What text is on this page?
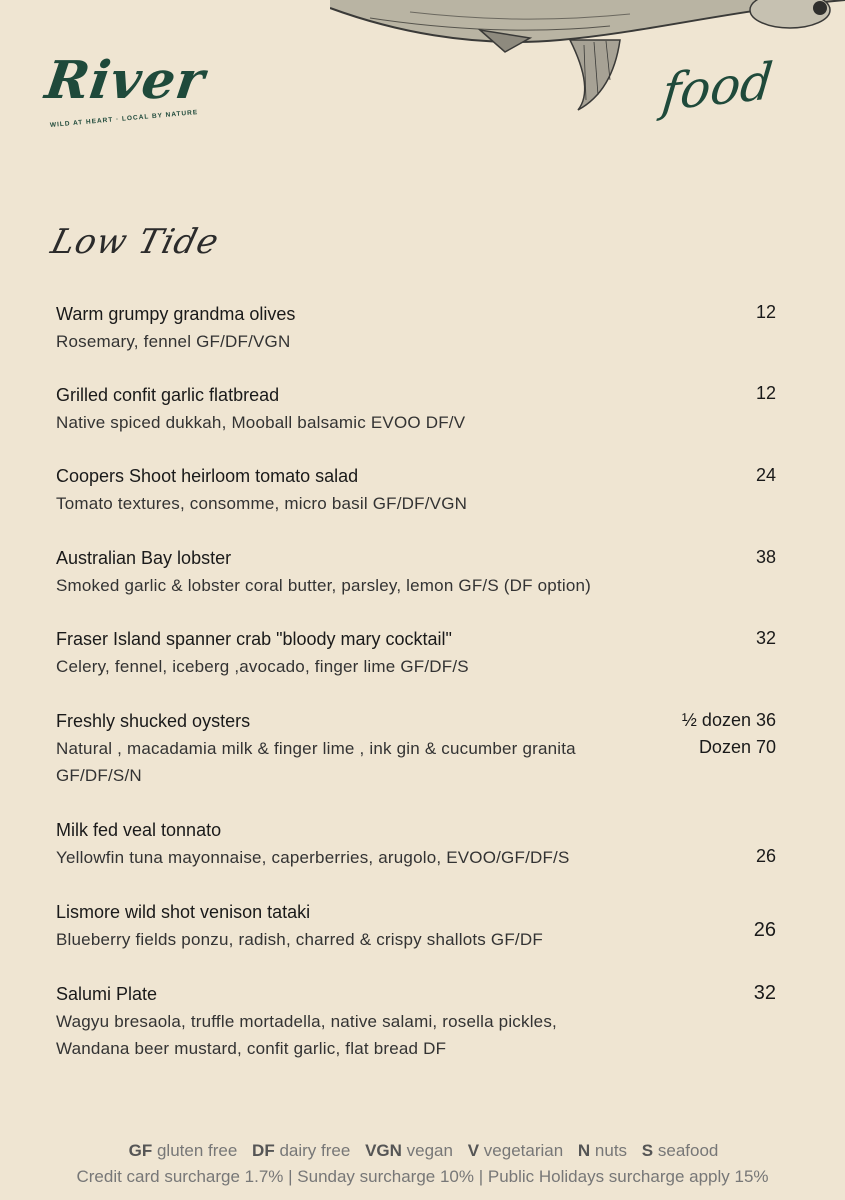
River
WILD AT HEART · LOCAL BY NATURE	food
Low Tide
Warm grumpy grandma olives
Rosemary, fennel GF/DF/VGN
12
Grilled confit garlic flatbread
Native spiced dukkah, Mooball balsamic EVOO DF/V
12
Coopers Shoot heirloom tomato salad
Tomato textures, consomme, micro basil GF/DF/VGN
24
Australian Bay lobster
Smoked garlic & lobster coral butter, parsley, lemon GF/S (DF option)
38
Fraser Island spanner crab "bloody mary cocktail"
Celery, fennel, iceberg ,avocado, finger lime GF/DF/S
32
Freshly shucked oysters
Natural , macadamia milk & finger lime , ink gin & cucumber granita
GF/DF/S/N
½ dozen 36
Dozen 70
Milk fed veal tonnato
Yellowfin tuna mayonnaise, caperberries, arugolo, EVOO/GF/DF/S	26
Lismore wild shot venison tataki
Blueberry fields ponzu, radish, charred & crispy shallots GF/DF	26
Salumi Plate
Wagyu bresaola, truffle mortadella, native salami, rosella pickles,
Wandana beer mustard, confit garlic, flat bread DF
32
GF gluten free DF dairy free VGN vegan V vegetarian N nuts S seafood
Credit card surcharge 1.7% | Sunday surcharge 10% | Public Holidays surcharge apply 15%
